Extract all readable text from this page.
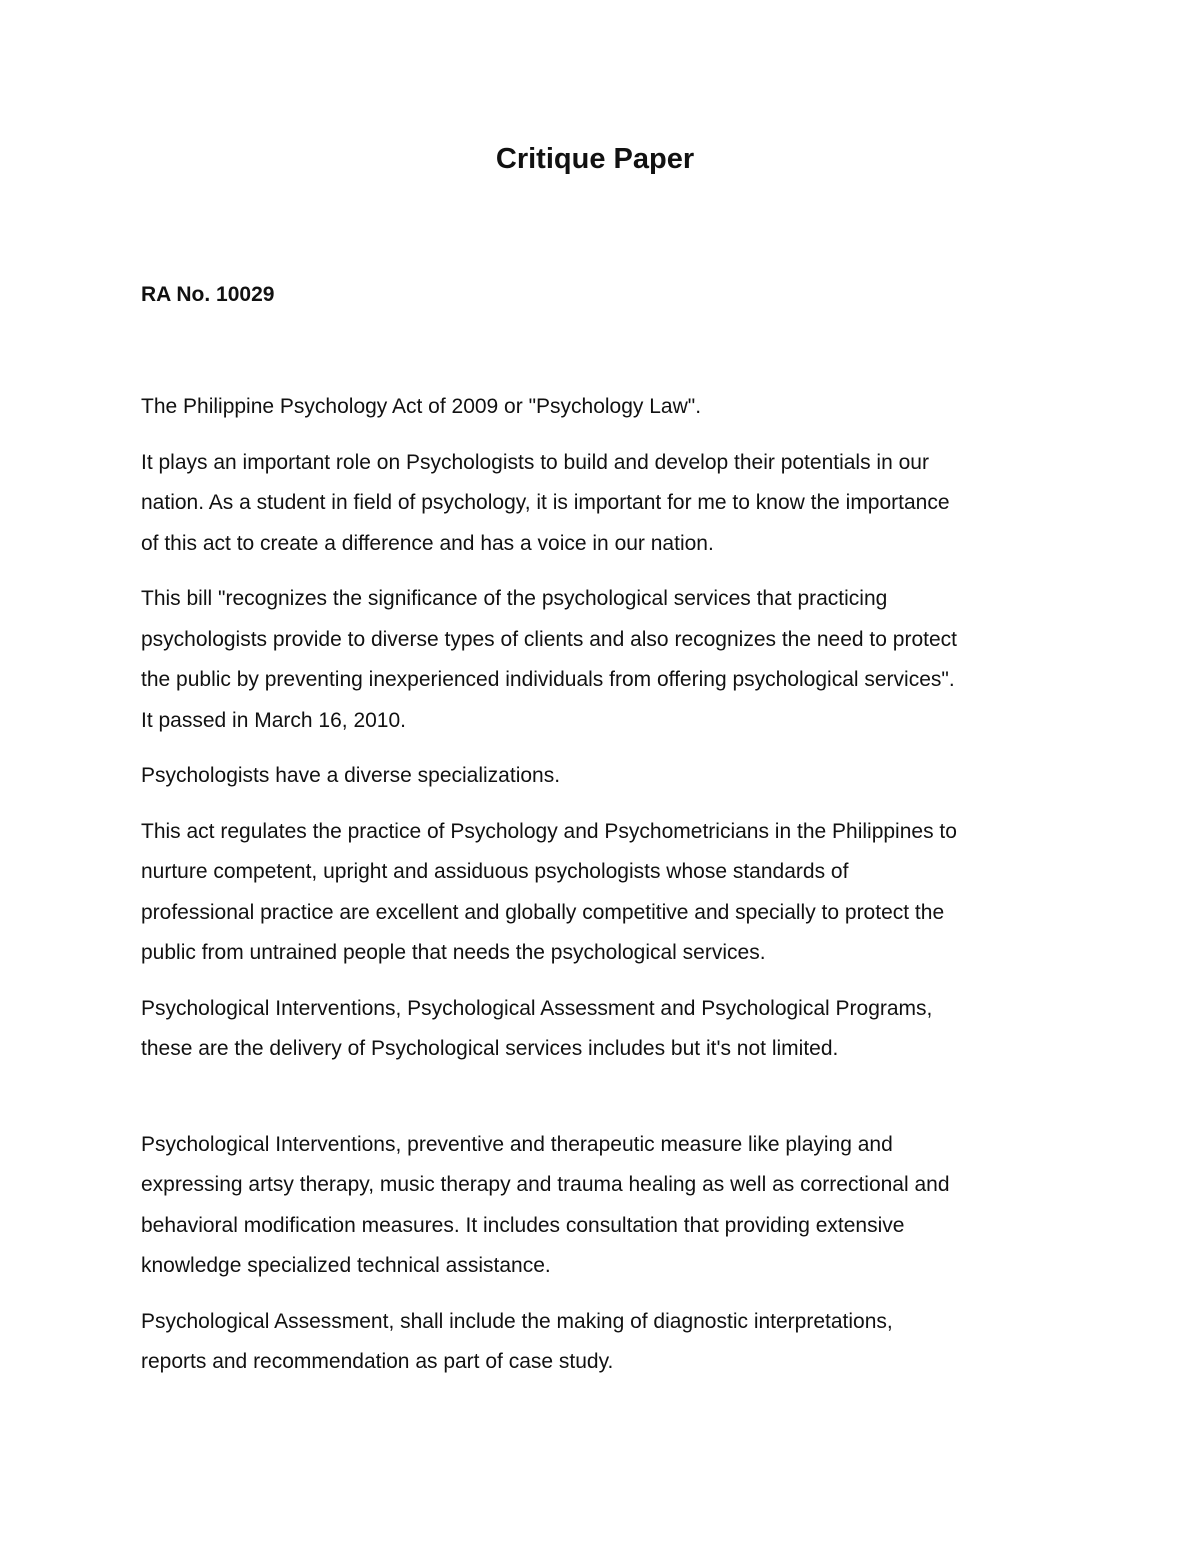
Critique Paper
RA No. 10029

The Philippine Psychology Act of 2009 or "Psychology Law".

It plays an important role on Psychologists to build and develop their potentials in our
nation. As a student in field of psychology, it is important for me to know the importance
of this act to create a difference and has a voice in our nation.

This bill "recognizes the significance of the psychological services that practicing
psychologists provide to diverse types of clients and also recognizes the need to protect
the public by preventing inexperienced individuals from offering psychological services".
It passed in March 16, 2010.

Psychologists have a diverse specializations.

This act regulates the practice of Psychology and Psychometricians in the Philippines to
nurture competent, upright and assiduous psychologists whose standards of
professional practice are excellent and globally competitive and specially to protect the
public from untrained people that needs the psychological services.

Psychological Interventions, Psychological Assessment and Psychological Programs,
these are the delivery of Psychological services includes but it's not limited.

Psychological Interventions, preventive and therapeutic measure like playing and
expressing artsy therapy, music therapy and trauma healing as well as correctional and
behavioral modification measures. It includes consultation that providing extensive
knowledge specialized technical assistance.

Psychological Assessment, shall include the making of diagnostic interpretations,
reports and recommendation as part of case study.
